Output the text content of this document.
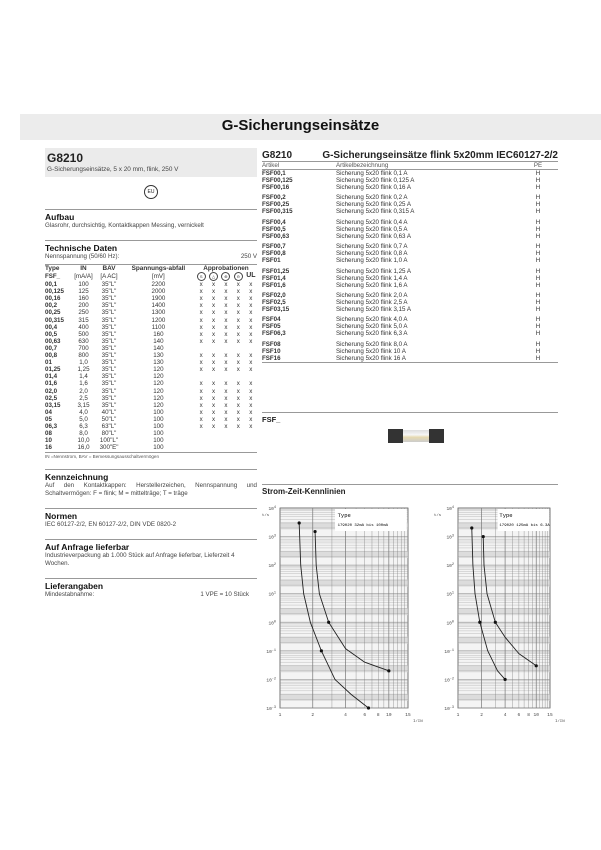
G-Sicherungseinsätze
G8210
G-Sicherungseinsätze, 5 x 20 mm, flink, 250 V
EU
Aufbau

Glasrohr, durchsichtig, Kontaktkappen Messing, vernickelt

Technische Daten
Nennspannung (50/60 Hz):	250 V
Type	IN	BAV	Spannungs-abfall	Approbationen				
FSF_	[mA/A]	[A AC]	[mV]	S	△	⊕	⊖	UL
00,1	100	35"L"	2200	x	x	x	x	x
00,125	125	35"L"	2000	x	x	x	x	x
00,16	160	35"L"	1900	x	x	x	x	x
00,2	200	35"L"	1400	x	x	x	x	x
00,25	250	35"L"	1300	x	x	x	x	x
00,315	315	35"L"	1200	x	x	x	x	x
00,4	400	35"L"	1100	x	x	x	x	x
00,5	500	35"L"	160	x	x	x	x	x
00,63	630	35"L"	140	x	x	x	x	x
00,7	700	35"L"	140					
00,8	800	35"L"	130	x	x	x	x	x
01	1,0	35"L"	130	x	x	x	x	x
01,25	1,25	35"L"	120	x	x	x	x	x
01,4	1,4	35"L"	120					
01,6	1,6	35"L"	120	x	x	x	x	x
02,0	2,0	35"L"	120	x	x	x	x	x
02,5	2,5	35"L"	120	x	x	x	x	x
03,15	3,15	35"L"	120	x	x	x	x	x
04	4,0	40"L"	100	x	x	x	x	x
05	5,0	50"L"	100	x	x	x	x	x
06,3	6,3	63"L"	100	x	x	x	x	x
08	8,0	80"L"	100					
10	10,0	100"L"	100					
16	16,0	300"E"	100					
IN =Nennstrom, BAV = Bemessungsausschaltvermögen
Kennzeichnung

Auf den Kontaktkappen: Herstellerzeichen, Nennspannung und Schaltvermögen: F = flink; M = mittelträge; T = träge

Normen

IEC 60127-2/2, EN 60127-2/2, DIN VDE 0820-2

Auf Anfrage lieferbar

Industrieverpackung ab 1.000 Stück auf Anfrage lieferbar, Lieferzeit 4 Wochen.

Lieferangaben
Mindestabnahme:	1 VPE = 10 Stück
G8210	G-Sicherungseinsätze flink 5x20mm IEC60127-2/2
Artikel	Artikelbezeichnung	PE
FSF00,1	Sicherung 5x20 flink 0,1 A	H
FSF00,125	Sicherung 5x20 flink 0,125 A	H
FSF00,16	Sicherung 5x20 flink 0,16 A	H
FSF00,2	Sicherung 5x20 flink 0,2 A	H
FSF00,25	Sicherung 5x20 flink 0,25 A	H
FSF00,315	Sicherung 5x20 flink 0,315 A	H
FSF00,4	Sicherung 5x20 flink 0,4 A	H
FSF00,5	Sicherung 5x20 flink 0,5 A	H
FSF00,63	Sicherung 5x20 flink 0,63 A	H
FSF00,7	Sicherung 5x20 flink 0,7 A	H
FSF00,8	Sicherung 5x20 flink 0,8 A	H
FSF01	Sicherung 5x20 flink 1,0 A	H
FSF01,25	Sicherung 5x20 flink 1,25 A	H
FSF01,4	Sicherung 5x20 flink 1,4 A	H
FSF01,6	Sicherung 5x20 flink 1,6 A	H
FSF02,0	Sicherung 5x20 flink 2,0 A	H
FSF02,5	Sicherung 5x20 flink 2,5 A	H
FSF03,15	Sicherung 5x20 flink 3,15 A	H
FSF04	Sicherung 5x20 flink 4,0 A	H
FSF05	Sicherung 5x20 flink 5,0 A	H
FSF06,3	Sicherung 5x20 flink 6,3 A	H
FSF08	Sicherung 5x20 flink 8,0 A	H
FSF10	Sicherung 5x20 flink 10 A	H
FSF16	Sicherung 5x20 flink 16 A	H
FSF_
Strom-Zeit-Kennlinien
Type
179020 32mA bis 100mA
$10^4$
$10^3$
$10^2$
$10^1$
$10^0$
$10^{-1}$
$10^{-2}$
$10^{-3}$
1	2	4	6 8 10	15
t/s
I/IN
Type
179020 125mA bis 6.3A
$10^4$
$10^3$
$10^2$
$10^1$
$10^0$
$10^{-1}$
$10^{-2}$
$10^{-3}$
1	2	4 6 8 10 15
t/s
I/IN
